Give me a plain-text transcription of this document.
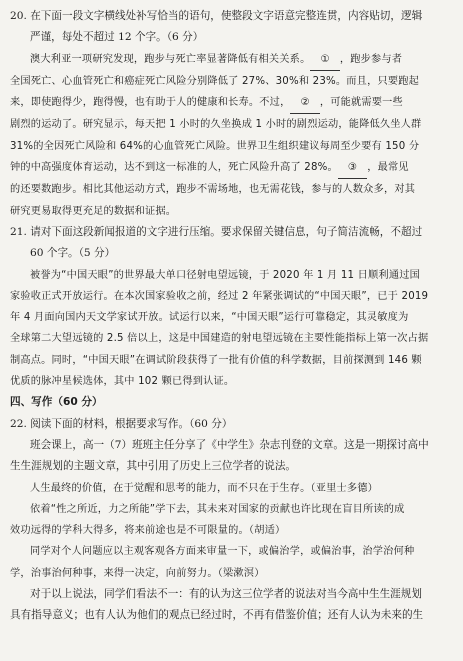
20. 在下面一段文字横线处补写恰当的语句，使整段文字语意完整连贯，内容贴切，逻辑
严谨，每处不超过 12 个字。（6 分）
澳大利亚一项研究发现，跑步与死亡率显著降低有相关关系。 ① ，跑步参与者
全国死亡、心血管死亡和癌症死亡风险分别降低了 27%、30%和 23%。而且，只要跑起
来，即使跑得少，跑得慢，也有助于人的健康和长寿。不过， ② ，可能就需要一些
剧烈的运动了。研究显示，每天把 1 小时的久坐换成 1 小时的剧烈运动，能降低久坐人群
31%的全因死亡风险和 64%的心血管死亡风险。世界卫生组织建议每周至少要有 150 分
钟的中高强度体育运动，达不到这一标准的人，死亡风险升高了 28%。 ③ ，最常见
的还要数跑步。相比其他运动方式，跑步不需场地，也无需花钱，参与的人数众多，对其
研究更易取得更充足的数据和证据。
21. 请对下面这段新闻报道的文字进行压缩。要求保留关键信息，句子简洁流畅，不超过
60 个字。（5 分）
被誉为“中国天眼”的世界最大单口径射电望远镜，于 2020 年 1 月 11 日顺利通过国
家验收正式开放运行。在本次国家验收之前，经过 2 年紧张调试的“中国天眼”，已于 2019
年 4 月面向国内天文学家试开放。试运行以来，“中国天眼”运行可靠稳定，其灵敏度为
全球第二大望远镜的 2.5 倍以上，这是中国建造的射电望远镜在主要性能指标上第一次占据
制高点。同时，“中国天眼”在调试阶段获得了一批有价值的科学数据，目前探测到 146 颗
优质的脉冲星候选体，其中 102 颗已得到认证。
四、写作（60 分）
22. 阅读下面的材料，根据要求写作。（60 分）
班会课上，高一（7）班班主任分享了《中学生》杂志刊登的文章。这是一期探讨高中
生生涯规划的主题文章，其中引用了历史上三位学者的说法。
人生最终的价值，在于觉醒和思考的能力，而不只在于生存。（亚里士多德）
依着“性之所近，力之所能”学下去，其未来对国家的贡献也许比现在盲目所读的成
效功远得的学科大得多，将来前途也是不可限量的。（胡适）
同学对个人问题应以主观客观各方面来审量一下，或偏治学，或偏治事，治学治何种
学，治事治何种事，来得一决定，向前努力。（梁漱溟）
对于以上说法，同学们看法不一：有的认为这三位学者的说法对当今高中生生涯规划
具有指导意义；也有人认为他们的观点已经过时，不再有借鉴价值；还有人认为未来的生
